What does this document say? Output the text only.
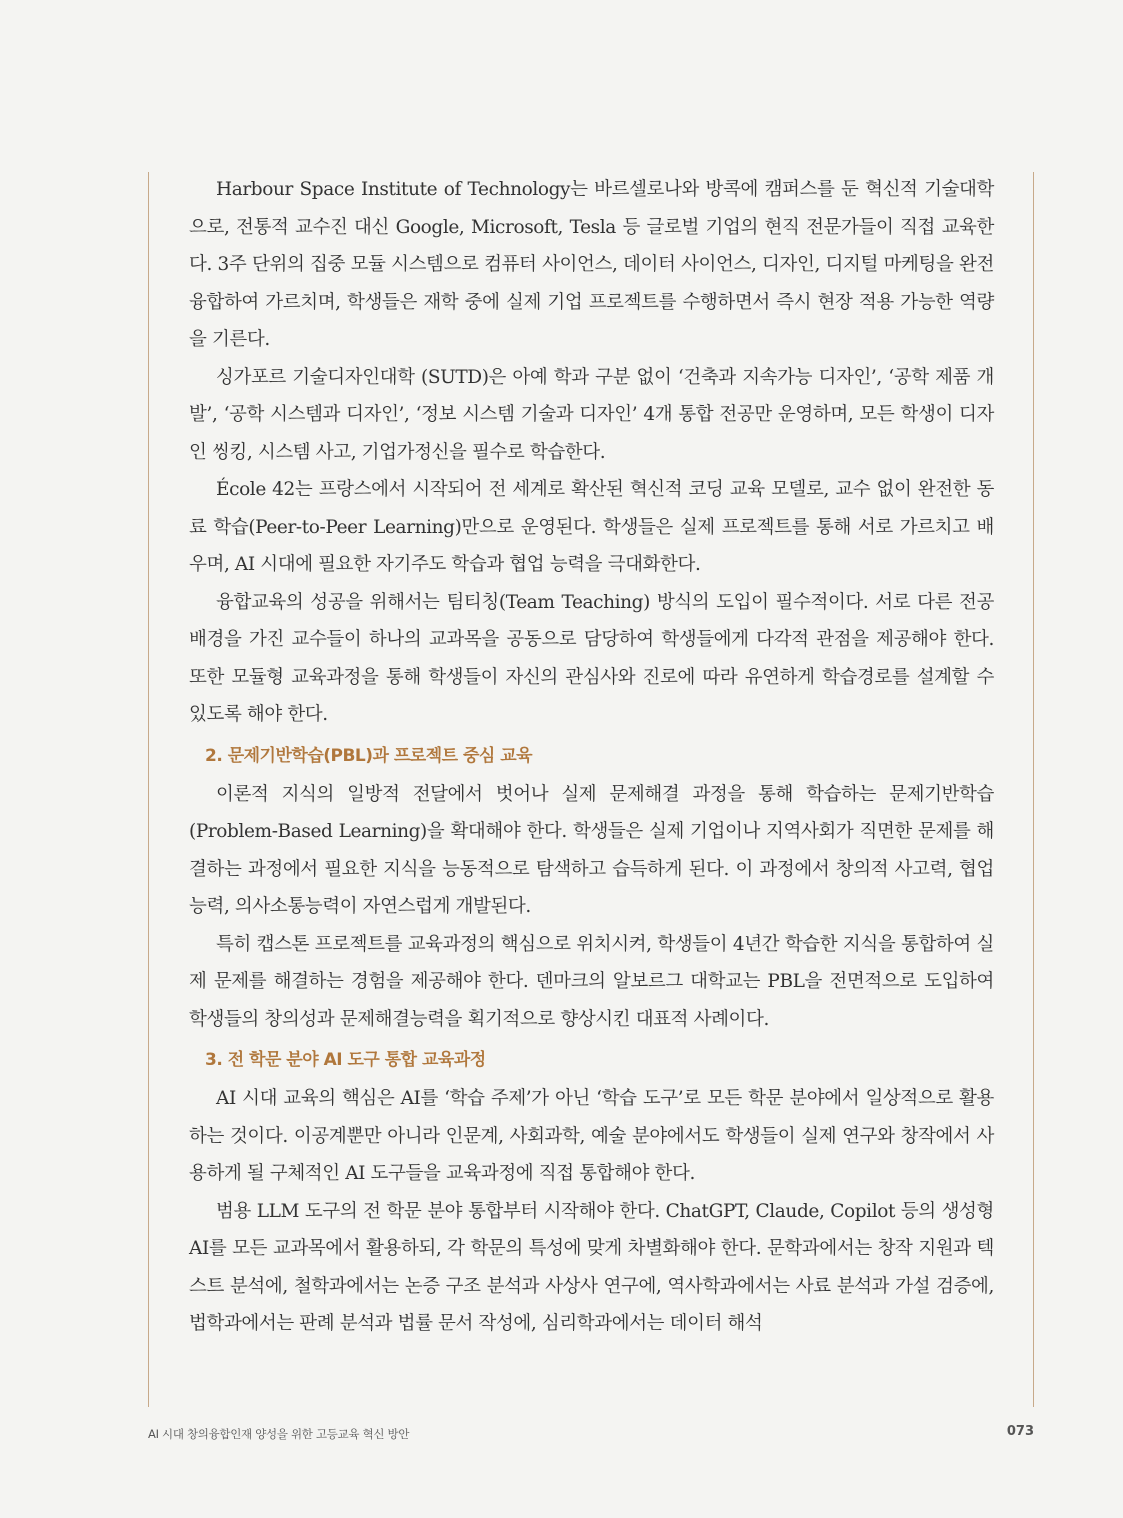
Harbour Space Institute of Technology는 바르셀로나와 방콕에 캠퍼스를 둔 혁신적 기술대학으로, 전통적 교수진 대신 Google, Microsoft, Tesla 등 글로벌 기업의 현직 전문가들이 직접 교육한다. 3주 단위의 집중 모듈 시스템으로 컴퓨터 사이언스, 데이터 사이언스, 디자인, 디지털 마케팅을 완전 융합하여 가르치며, 학생들은 재학 중에 실제 기업 프로젝트를 수행하면서 즉시 현장 적용 가능한 역량을 기른다.

싱가포르 기술디자인대학 (SUTD)은 아예 학과 구분 없이 ‘건축과 지속가능 디자인’, ‘공학 제품 개발’, ‘공학 시스템과 디자인’, ‘정보 시스템 기술과 디자인’ 4개 통합 전공만 운영하며, 모든 학생이 디자인 씽킹, 시스템 사고, 기업가정신을 필수로 학습한다.

École 42는 프랑스에서 시작되어 전 세계로 확산된 혁신적 코딩 교육 모델로, 교수 없이 완전한 동료 학습(Peer-to-Peer Learning)만으로 운영된다. 학생들은 실제 프로젝트를 통해 서로 가르치고 배우며, AI 시대에 필요한 자기주도 학습과 협업 능력을 극대화한다.

융합교육의 성공을 위해서는 팀티칭(Team Teaching) 방식의 도입이 필수적이다. 서로 다른 전공 배경을 가진 교수들이 하나의 교과목을 공동으로 담당하여 학생들에게 다각적 관점을 제공해야 한다. 또한 모듈형 교육과정을 통해 학생들이 자신의 관심사와 진로에 따라 유연하게 학습경로를 설계할 수 있도록 해야 한다.

2. 문제기반학습(PBL)과 프로젝트 중심 교육

이론적 지식의 일방적 전달에서 벗어나 실제 문제해결 과정을 통해 학습하는 문제기반학습(Problem-Based Learning)을 확대해야 한다. 학생들은 실제 기업이나 지역사회가 직면한 문제를 해결하는 과정에서 필요한 지식을 능동적으로 탐색하고 습득하게 된다. 이 과정에서 창의적 사고력, 협업능력, 의사소통능력이 자연스럽게 개발된다.

특히 캡스톤 프로젝트를 교육과정의 핵심으로 위치시켜, 학생들이 4년간 학습한 지식을 통합하여 실제 문제를 해결하는 경험을 제공해야 한다. 덴마크의 알보르그 대학교는 PBL을 전면적으로 도입하여 학생들의 창의성과 문제해결능력을 획기적으로 향상시킨 대표적 사례이다.

3. 전 학문 분야 AI 도구 통합 교육과정

AI 시대 교육의 핵심은 AI를 ‘학습 주제’가 아닌 ‘학습 도구’로 모든 학문 분야에서 일상적으로 활용하는 것이다. 이공계뿐만 아니라 인문계, 사회과학, 예술 분야에서도 학생들이 실제 연구와 창작에서 사용하게 될 구체적인 AI 도구들을 교육과정에 직접 통합해야 한다.

범용 LLM 도구의 전 학문 분야 통합부터 시작해야 한다. ChatGPT, Claude, Copilot 등의 생성형 AI를 모든 교과목에서 활용하되, 각 학문의 특성에 맞게 차별화해야 한다. 문학과에서는 창작 지원과 텍스트 분석에, 철학과에서는 논증 구조 분석과 사상사 연구에, 역사학과에서는 사료 분석과 가설 검증에, 법학과에서는 판례 분석과 법률 문서 작성에, 심리학과에서는 데이터 해석

AI 시대 창의융합인재 양성을 위한 고등교육 혁신 방안	073
